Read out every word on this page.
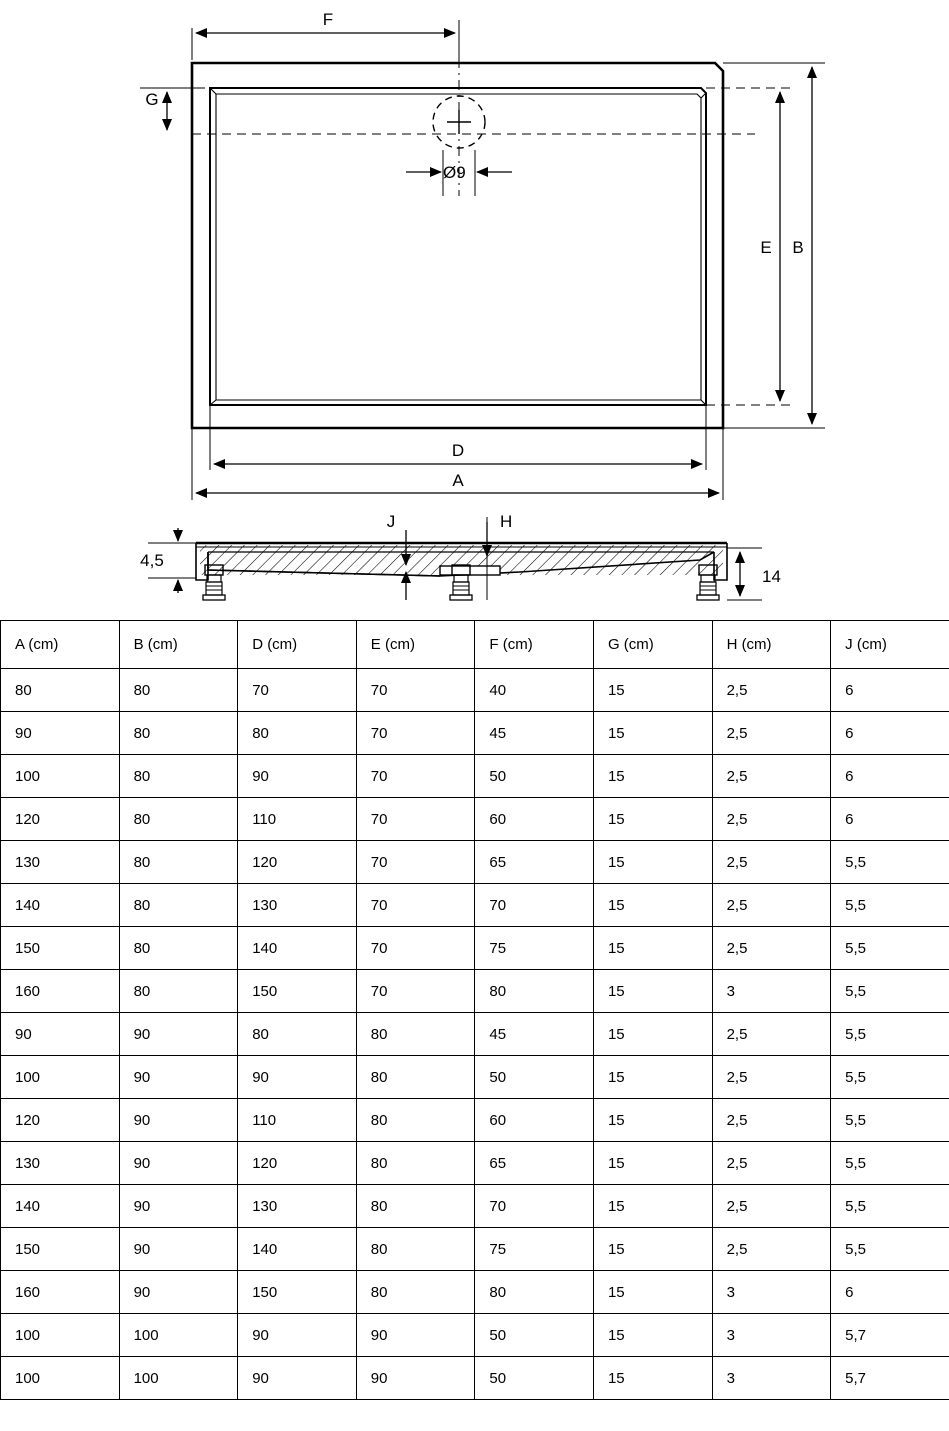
Ø9
F
G
E B
D
A
J	H
4,5
14
A (cm)	B (cm)	D (cm)	E (cm)	F (cm)	G (cm)	H (cm)	J (cm)
80	80	70	70	40	15	2,5	6
90	80	80	70	45	15	2,5	6
100	80	90	70	50	15	2,5	6
120	80	110	70	60	15	2,5	6
130	80	120	70	65	15	2,5	5,5
140	80	130	70	70	15	2,5	5,5
150	80	140	70	75	15	2,5	5,5
160	80	150	70	80	15	3	5,5
90	90	80	80	45	15	2,5	5,5
100	90	90	80	50	15	2,5	5,5
120	90	110	80	60	15	2,5	5,5
130	90	120	80	65	15	2,5	5,5
140	90	130	80	70	15	2,5	5,5
150	90	140	80	75	15	2,5	5,5
160	90	150	80	80	15	3	6
100	100	90	90	50	15	3	5,7
100	100	90	90	50	15	3	5,7
